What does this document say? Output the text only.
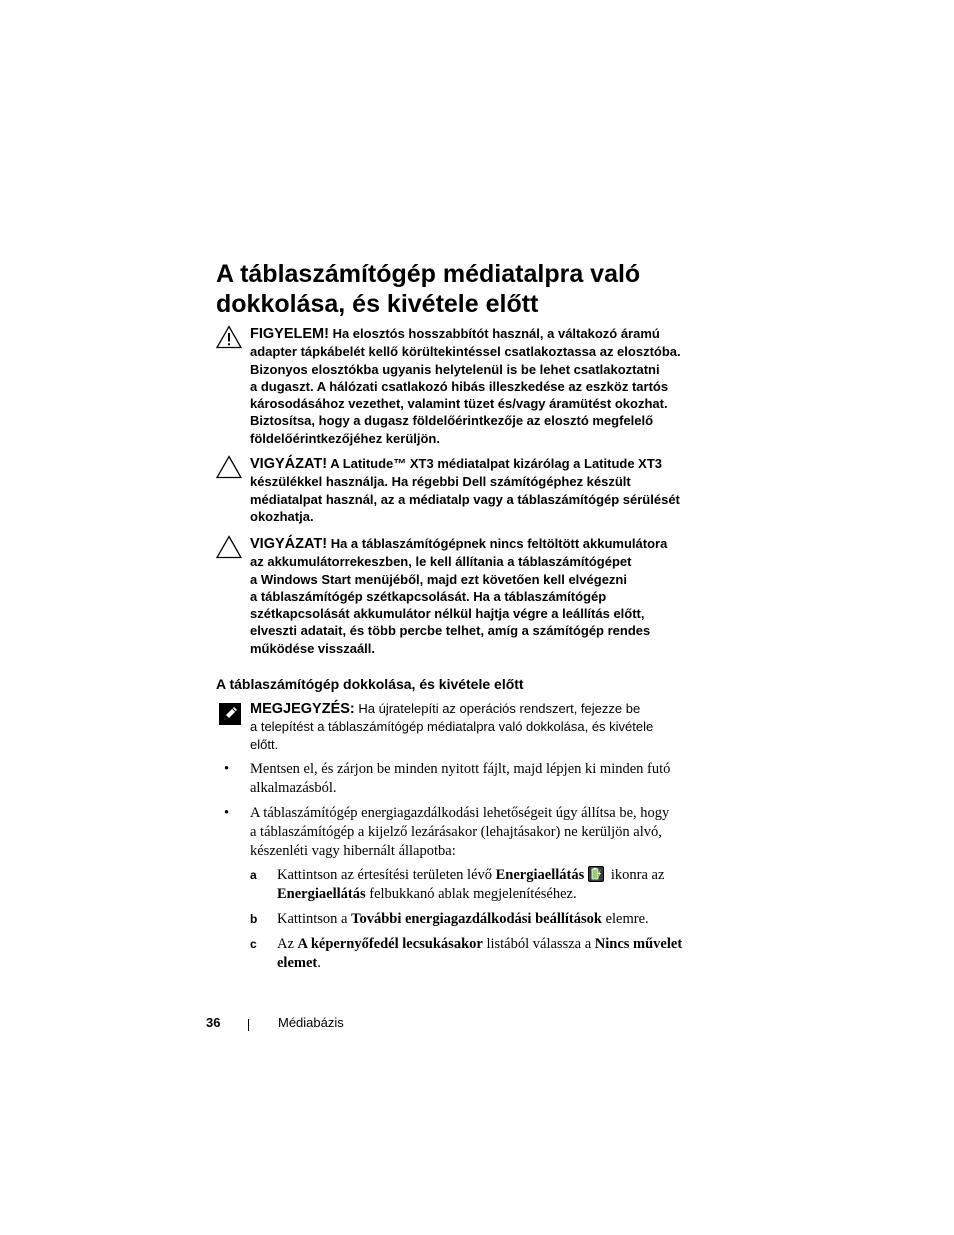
A táblaszámítógép médiatalpra való
dokkolása, és kivétele előtt
FIGYELEM! Ha elosztós hosszabbítót használ, a váltakozó áramú
adapter tápkábelét kellő körültekintéssel csatlakoztassa az elosztóba.
Bizonyos elosztókba ugyanis helytelenül is be lehet csatlakoztatni
a dugaszt. A hálózati csatlakozó hibás illeszkedése az eszköz tartós
károsodásához vezethet, valamint tüzet és/vagy áramütést okozhat.
Biztosítsa, hogy a dugasz földelőérintkezője az elosztó megfelelő
földelőérintkezőjéhez kerüljön.
VIGYÁZAT! A Latitude™ XT3 médiatalpat kizárólag a Latitude XT3
készülékkel használja. Ha régebbi Dell számítógéphez készült
médiatalpat használ, az a médiatalp vagy a táblaszámítógép sérülését
okozhatja.
VIGYÁZAT! Ha a táblaszámítógépnek nincs feltöltött akkumulátora
az akkumulátorrekeszben, le kell állítania a táblaszámítógépet
a Windows Start menüjéből, majd ezt követően kell elvégezni
a táblaszámítógép szétkapcsolását. Ha a táblaszámítógép
szétkapcsolását akkumulátor nélkül hajtja végre a leállítás előtt,
elveszti adatait, és több percbe telhet, amíg a számítógép rendes
működése visszaáll.
A táblaszámítógép dokkolása, és kivétele előtt
MEGJEGYZÉS: Ha újratelepíti az operációs rendszert, fejezze be
a telepítést a táblaszámítógép médiatalpra való dokkolása, és kivétele
előtt.
• Mentsen el, és zárjon be minden nyitott fájlt, majd lépjen ki minden futó
alkalmazásból.
• A táblaszámítógép energiagazdálkodási lehetőségeit úgy állítsa be, hogy
a táblaszámítógép a kijelző lezárásakor (lehajtásakor) ne kerüljön alvó,
készenléti vagy hibernált állapotba:
a Kattintson az értesítési területen lévő Energiaellátás ikonra az
Energiaellátás felbukkanó ablak megjelenítéséhez.
b Kattintson a További energiagazdálkodási beállítások elemre.
c Az A képernyőfedél lecsukásakor listából válassza a Nincs művelet
elemet.
36	Médiabázis
